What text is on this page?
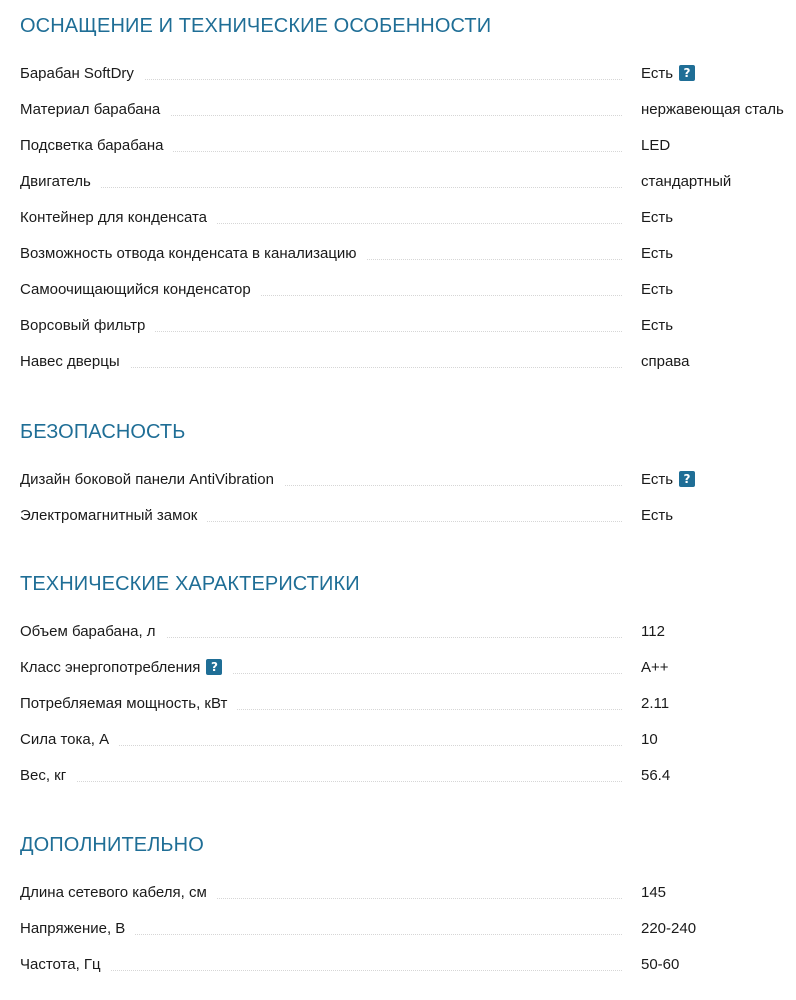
ОСНАЩЕНИЕ И ТЕХНИЧЕСКИЕ ОСОБЕННОСТИ
Барабан SoftDry	Есть ?
Материал барабана	нержавеющая сталь
Подсветка барабана	LED
Двигатель	стандартный
Контейнер для конденсата	Есть
Возможность отвода конденсата в канализацию	Есть
Самоочищающийся конденсатор	Есть
Ворсовый фильтр	Есть
Навес дверцы	справа
БЕЗОПАСНОСТЬ
Дизайн боковой панели AntiVibration	Есть ?
Электромагнитный замок	Есть
ТЕХНИЧЕСКИЕ ХАРАКТЕРИСТИКИ
Объем барабана, л	112
Класс энергопотребления ?	A++
Потребляемая мощность, кВт	2.11
Сила тока, А	10
Вес, кг	56.4
ДОПОЛНИТЕЛЬНО
Длина сетевого кабеля, см	145
Напряжение, В	220-240
Частота, Гц	50-60
